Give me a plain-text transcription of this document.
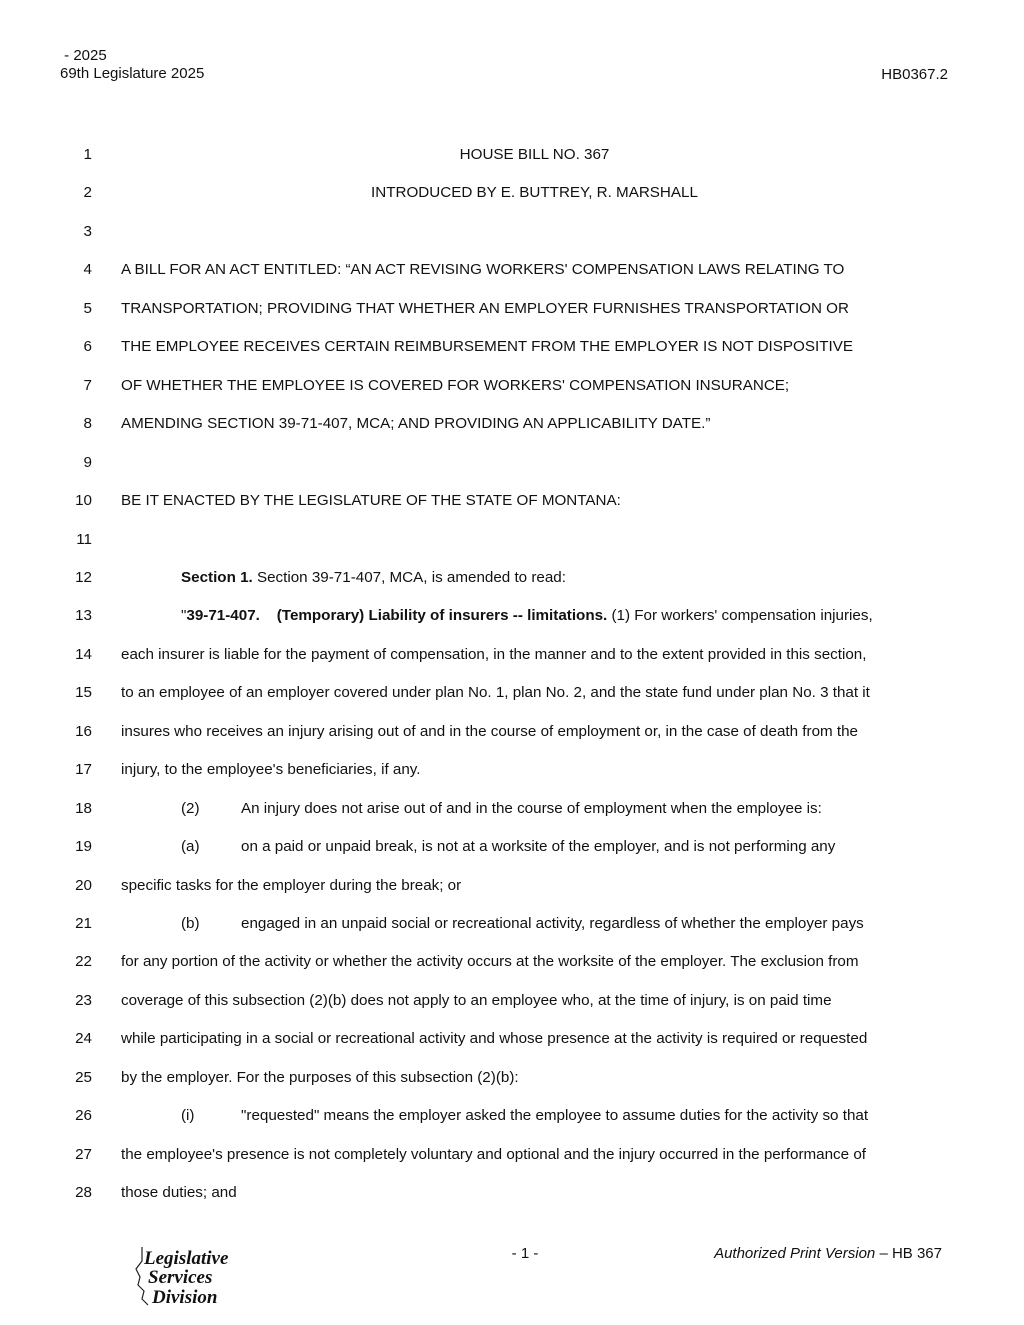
- 2025
69th Legislature 2025	HB0367.2
1	HOUSE BILL NO. 367
2	INTRODUCED BY E. BUTTREY, R. MARSHALL
3
4 A BILL FOR AN ACT ENTITLED: “AN ACT REVISING WORKERS' COMPENSATION LAWS RELATING TO
5 TRANSPORTATION; PROVIDING THAT WHETHER AN EMPLOYER FURNISHES TRANSPORTATION OR
6 THE EMPLOYEE RECEIVES CERTAIN REIMBURSEMENT FROM THE EMPLOYER IS NOT DISPOSITIVE
7 OF WHETHER THE EMPLOYEE IS COVERED FOR WORKERS' COMPENSATION INSURANCE;
8 AMENDING SECTION 39-71-407, MCA; AND PROVIDING AN APPLICABILITY DATE.”
9
10 BE IT ENACTED BY THE LEGISLATURE OF THE STATE OF MONTANA:
11
12	Section 1. Section 39-71-407, MCA, is amended to read:
13	"39-71-407.    (Temporary) Liability of insurers -- limitations. (1) For workers' compensation injuries,
14 each insurer is liable for the payment of compensation, in the manner and to the extent provided in this section,
15 to an employee of an employer covered under plan No. 1, plan No. 2, and the state fund under plan No. 3 that it
16 insures who receives an injury arising out of and in the course of employment or, in the case of death from the
17 injury, to the employee's beneficiaries, if any.
18	(2)	An injury does not arise out of and in the course of employment when the employee is:
19	(a)	on a paid or unpaid break, is not at a worksite of the employer, and is not performing any
20 specific tasks for the employer during the break; or
21	(b)	engaged in an unpaid social or recreational activity, regardless of whether the employer pays
22 for any portion of the activity or whether the activity occurs at the worksite of the employer. The exclusion from
23 coverage of this subsection (2)(b) does not apply to an employee who, at the time of injury, is on paid time
24 while participating in a social or recreational activity and whose presence at the activity is required or requested
25 by the employer. For the purposes of this subsection (2)(b):
26	(i)	"requested" means the employer asked the employee to assume duties for the activity so that
27 the employee's presence is not completely voluntary and optional and the injury occurred in the performance of
28 those duties; and
Legislative
Services
Division
- 1 -	Authorized Print Version – HB 367
